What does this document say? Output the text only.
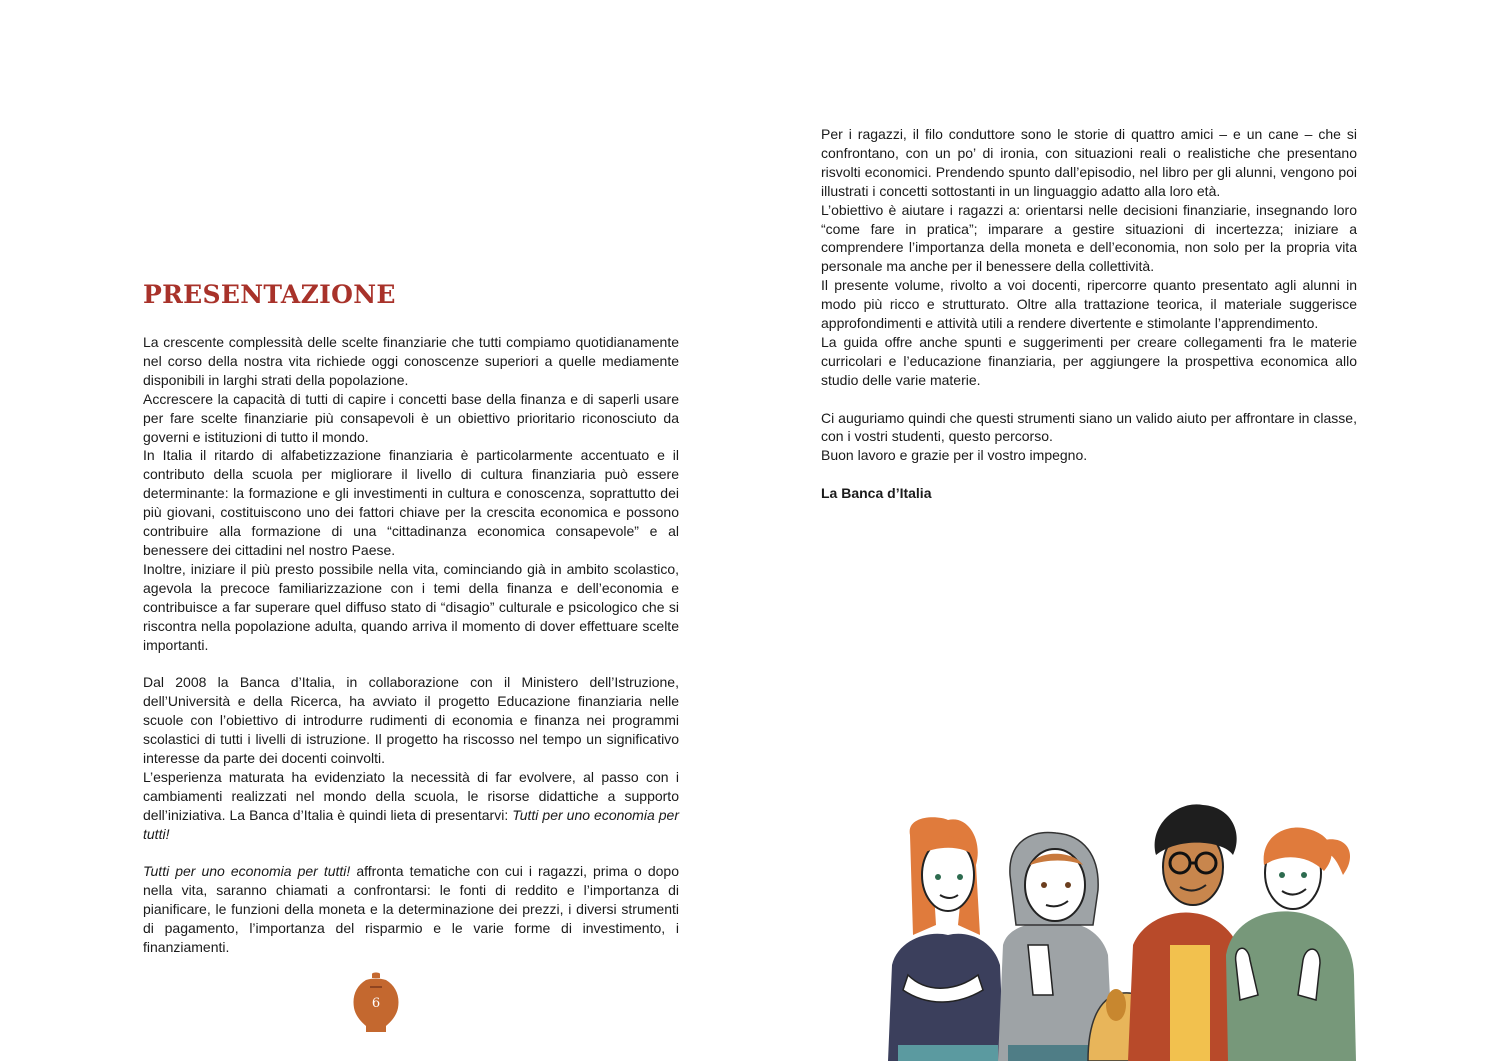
PRESENTAZIONE

La crescente complessità delle scelte finanziarie che tutti compiamo quotidianamente nel corso della nostra vita richiede oggi conoscenze superiori a quelle mediamente disponibili in larghi strati della popolazione.

Accrescere la capacità di tutti di capire i concetti base della finanza e di saperli usare per fare scelte finanziarie più consapevoli è un obiettivo prioritario riconosciuto da governi e istituzioni di tutto il mondo.

In Italia il ritardo di alfabetizzazione finanziaria è particolarmente accentuato e il contributo della scuola per migliorare il livello di cultura finanziaria può essere determinante: la formazione e gli investimenti in cultura e conoscenza, soprattutto dei più giovani, costituiscono uno dei fattori chiave per la crescita economica e possono contribuire alla formazione di una “cittadinanza economica consapevole” e al benessere dei cittadini nel nostro Paese.

Inoltre, iniziare il più presto possibile nella vita, cominciando già in ambito scolastico, agevola la precoce familiarizzazione con i temi della finanza e dell’economia e contribuisce a far superare quel diffuso stato di “disagio” culturale e psicologico che si riscontra nella popolazione adulta, quando arriva il momento di dover effettuare scelte importanti.

Dal 2008 la Banca d’Italia, in collaborazione con il Ministero dell’Istruzione, dell’Università e della Ricerca, ha avviato il progetto Educazione finanziaria nelle scuole con l’obiettivo di introdurre rudimenti di economia e finanza nei programmi scolastici di tutti i livelli di istruzione. Il progetto ha riscosso nel tempo un significativo interesse da parte dei docenti coinvolti.

L’esperienza maturata ha evidenziato la necessità di far evolvere, al passo con i cambiamenti realizzati nel mondo della scuola, le risorse didattiche a supporto dell’iniziativa. La Banca d’Italia è quindi lieta di presentarvi: Tutti per uno economia per tutti!

Tutti per uno economia per tutti! affronta tematiche con cui i ragazzi, prima o dopo nella vita, saranno chiamati a confrontarsi: le fonti di reddito e l’importanza di pianificare, le funzioni della moneta e la determinazione dei prezzi, i diversi strumenti di pagamento, l’importanza del risparmio e le varie forme di investimento, i finanziamenti.

6

Per i ragazzi, il filo conduttore sono le storie di quattro amici – e un cane – che si confrontano, con un po’ di ironia, con situazioni reali o realistiche che presentano risvolti economici. Prendendo spunto dall’episodio, nel libro per gli alunni, vengono poi illustrati i concetti sottostanti in un linguaggio adatto alla loro età.

L’obiettivo è aiutare i ragazzi a: orientarsi nelle decisioni finanziarie, insegnando loro “come fare in pratica”; imparare a gestire situazioni di incertezza; iniziare a comprendere l’importanza della moneta e dell’economia, non solo per la propria vita personale ma anche per il benessere della collettività.

Il presente volume, rivolto a voi docenti, ripercorre quanto presentato agli alunni in modo più ricco e strutturato. Oltre alla trattazione teorica, il materiale suggerisce approfondimenti e attività utili a rendere divertente e stimolante l’apprendimento.

La guida offre anche spunti e suggerimenti per creare collegamenti fra le materie curricolari e l’educazione finanziaria, per aggiungere la prospettiva economica allo studio delle varie materie.

Ci auguriamo quindi che questi strumenti siano un valido aiuto per affrontare in classe, con i vostri studenti, questo percorso.

Buon lavoro e grazie per il vostro impegno.

La Banca d’Italia
